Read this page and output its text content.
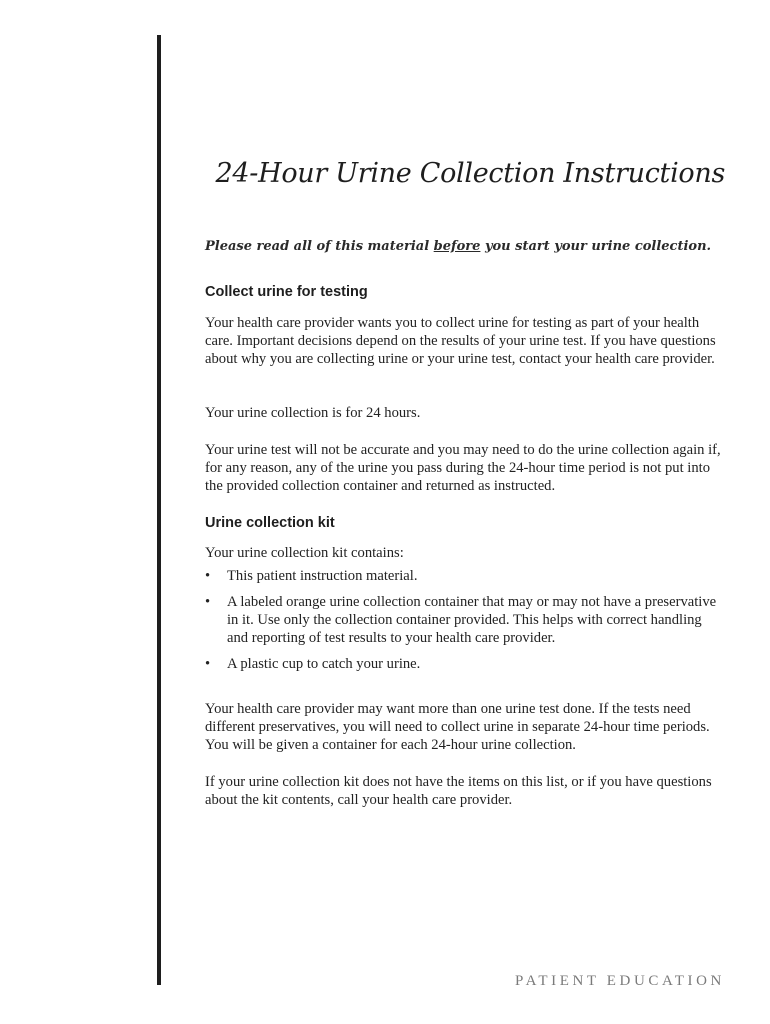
24-Hour Urine Collection Instructions

Please read all of this material before you start your urine collection.

Collect urine for testing

Your health care provider wants you to collect urine for testing as part of your health care. Important decisions depend on the results of your urine test. If you have questions about why you are collecting urine or your urine test, contact your health care provider.

Your urine collection is for 24 hours.

Your urine test will not be accurate and you may need to do the urine collection again if, for any reason, any of the urine you pass during the 24-hour time period is not put into the provided collection container and returned as instructed.

Urine collection kit

Your urine collection kit contains:

• This patient instruction material.
• A labeled orange urine collection container that may or may not have a preservative in it. Use only the collection container provided. This helps with correct handling and reporting of test results to your health care provider.
• A plastic cup to catch your urine.

Your health care provider may want more than one urine test done. If the tests need different preservatives, you will need to collect urine in separate 24-hour time periods. You will be given a container for each 24-hour urine collection.

If your urine collection kit does not have the items on this list, or if you have questions about the kit contents, call your health care provider.

PATIENT EDUCATION
